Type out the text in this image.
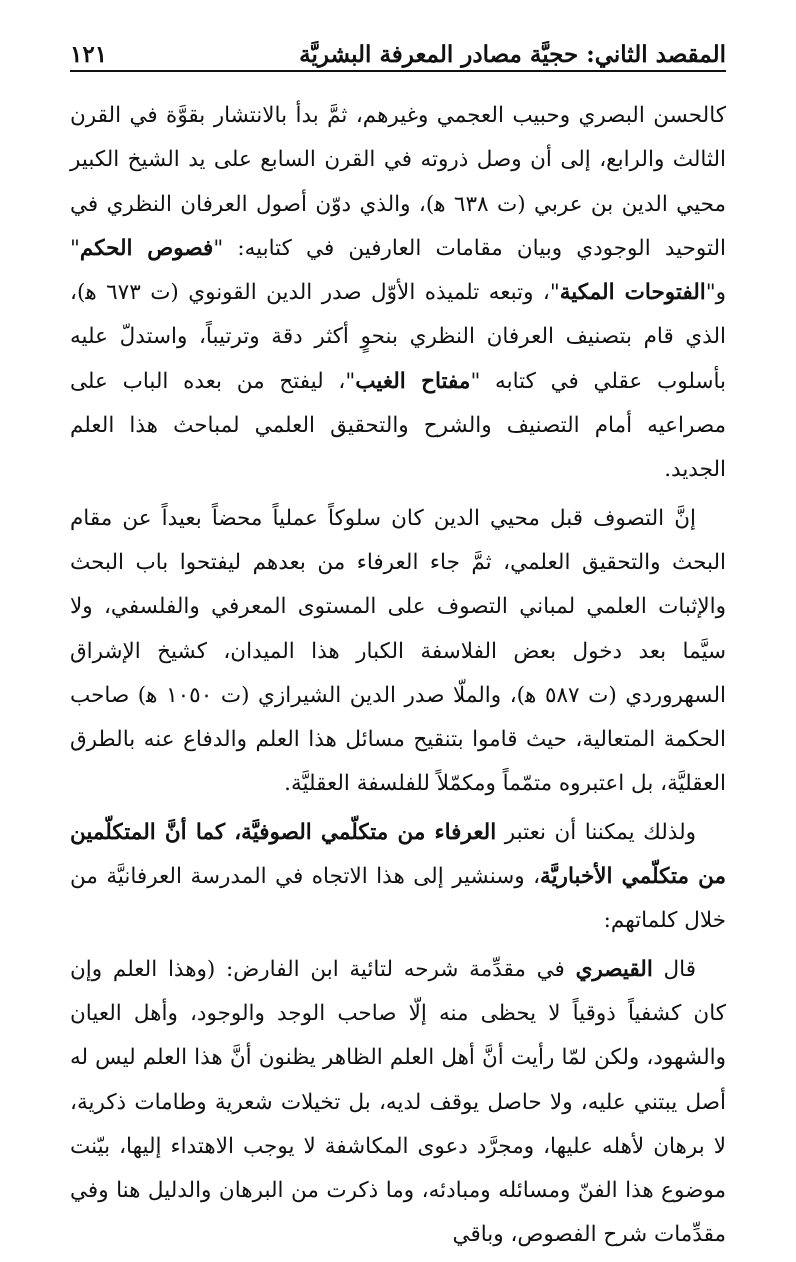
المقصد الثاني: حجيَّة مصادر المعرفة البشريَّة
١٢١

كالحسن البصري وحبيب العجمي وغيرهم، ثمَّ بدأ بالانتشار بقوَّة في القرن الثالث والرابع، إلى أن وصل ذروته في القرن السابع على يد الشيخ الكبير محيي الدين بن عربي (ت ٦٣٨ ﻫ)، والذي دوّن أصول العرفان النظري في التوحيد الوجودي وبيان مقامات العارفين في كتابيه: "فصوص الحكم" و"الفتوحات المكية"، وتبعه تلميذه الأوّل صدر الدين القونوي (ت ٦٧٣ ﻫ)، الذي قام بتصنيف العرفان النظري بنحوٍ أكثر دقة وترتيباً، واستدلّ عليه بأسلوب عقلي في كتابه "مفتاح الغيب"، ليفتح من بعده الباب على مصراعيه أمام التصنيف والشرح والتحقيق العلمي لمباحث هذا العلم الجديد.

إنَّ التصوف قبل محيي الدين كان سلوكاً عملياً محضاً بعيداً عن مقام البحث والتحقيق العلمي، ثمَّ جاء العرفاء من بعدهم ليفتحوا باب البحث والإثبات العلمي لمباني التصوف على المستوى المعرفي والفلسفي، ولا سيَّما بعد دخول بعض الفلاسفة الكبار هذا الميدان، كشيخ الإشراق السهروردي (ت ٥٨٧ ﻫ)، والملّا صدر الدين الشيرازي (ت ١٠٥٠ ﻫ) صاحب الحكمة المتعالية، حيث قاموا بتنقيح مسائل هذا العلم والدفاع عنه بالطرق العقليَّة، بل اعتبروه متمّماً ومكمّلاً للفلسفة العقليَّة.

ولذلك يمكننا أن نعتبر العرفاء من متكلّمي الصوفيَّة، كما أنَّ المتكلّمين من متكلّمي الأخباريَّة، وسنشير إلى هذا الاتجاه في المدرسة العرفانيَّة من خلال كلماتهم:

قال القيصري في مقدِّمة شرحه لتائية ابن الفارض: (وهذا العلم وإن كان كشفياً ذوقياً لا يحظى منه إلّا صاحب الوجد والوجود، وأهل العيان والشهود، ولكن لمّا رأيت أنَّ أهل العلم الظاهر يظنون أنَّ هذا العلم ليس له أصل يبتني عليه، ولا حاصل يوقف لديه، بل تخيلات شعرية وطامات ذكرية، لا برهان لأهله عليها، ومجرَّد دعوى المكاشفة لا يوجب الاهتداء إليها، بيّنت موضوع هذا الفنّ ومسائله ومبادئه، وما ذكرت من البرهان والدليل هنا وفي مقدِّمات شرح الفصوص، وباقي
